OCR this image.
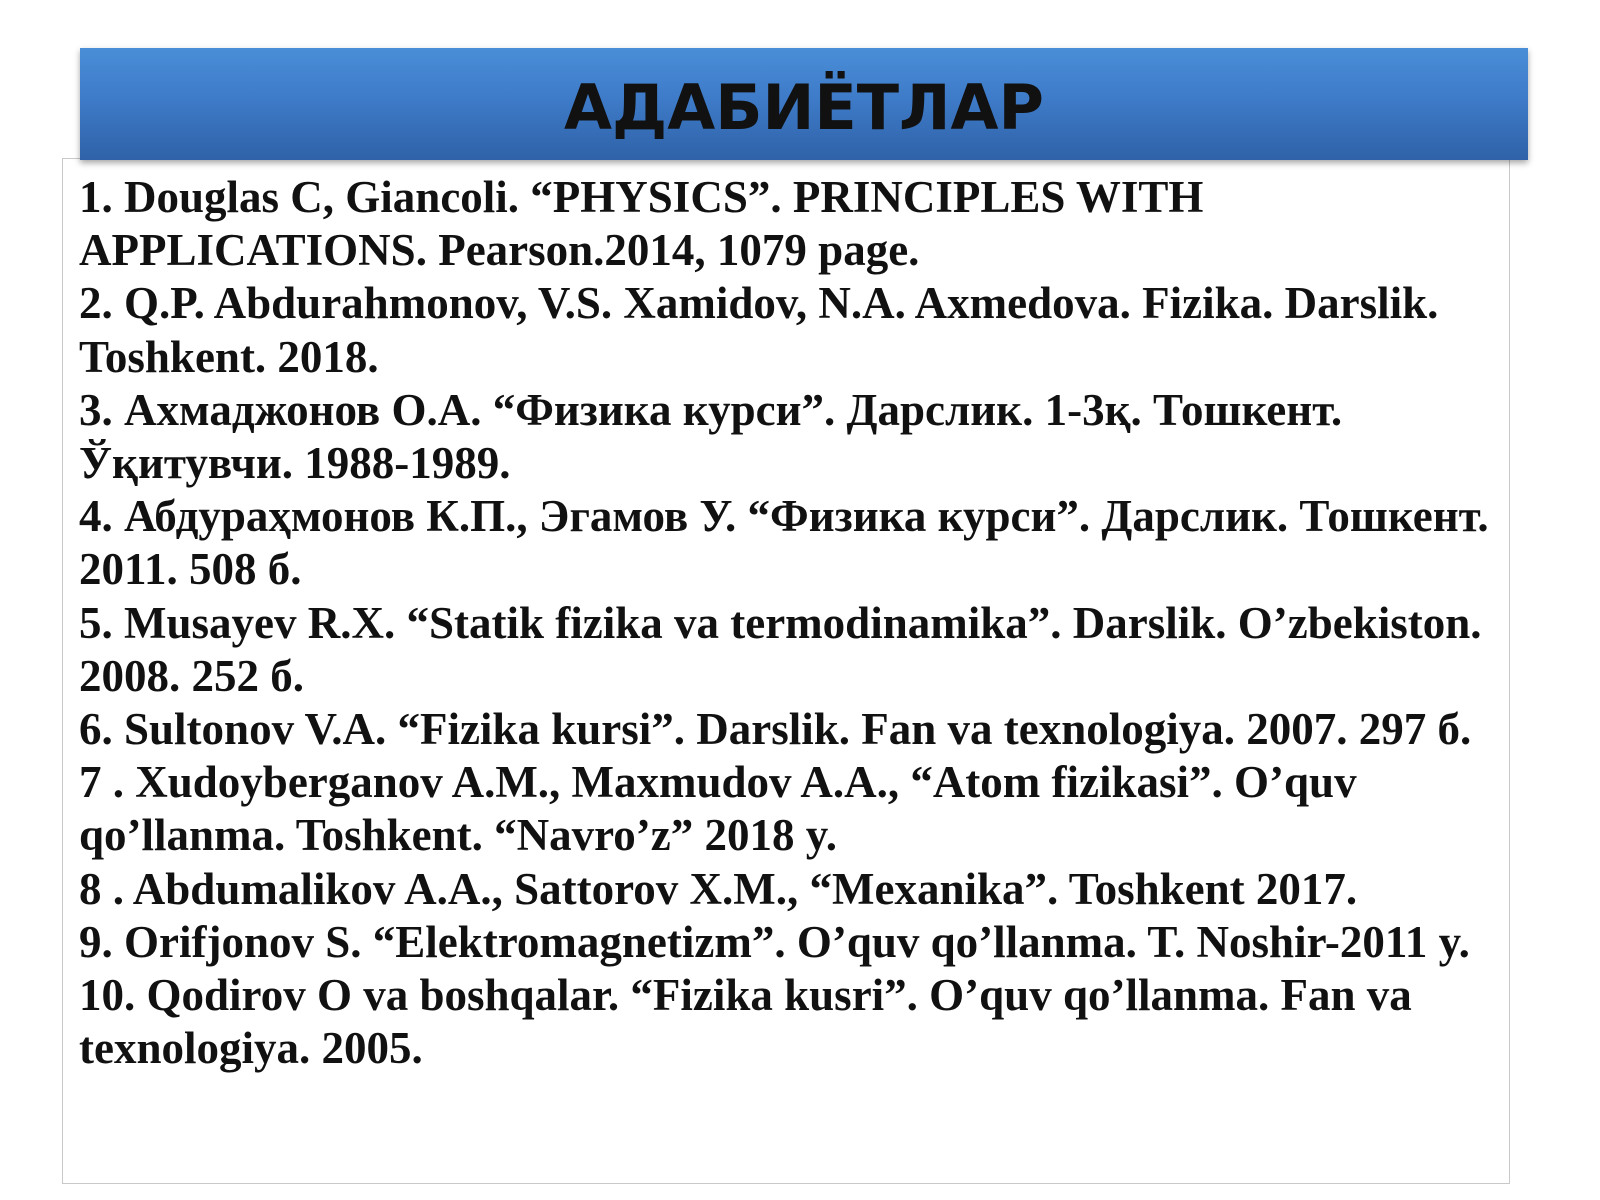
АДАБИЁТЛАР
1. Douglas C, Giancoli. “PHYSICS”. PRINCIPLES WITH APPLICATIONS. Pearson.2014, 1079 page.
2. Q.P. Abdurahmonov, V.S. Xamidov, N.A. Axmedova. Fizika. Darslik. Toshkent. 2018.
3. Ахмаджонов О.А. “Физика курси”. Дарслик. 1-3қ. Тошкент. Ўқитувчи. 1988-1989.
4. Абдураҳмонов К.П., Эгамов У. “Физика курси”. Дарслик. Тошкент. 2011. 508 б.
5. Musayev R.X. “Statik fizika va termodinamika”. Darslik. O’zbekiston. 2008. 252 б.
6. Sultonov V.A. “Fizika kursi”. Darslik. Fan va texnologiya. 2007. 297 б.
7 . Xudoyberganov A.M., Maxmudov A.A., “Atom fizikasi”. O’quv qo’llanma. Toshkent. “Navro’z” 2018 y.
8 . Abdumalikov A.A., Sattorov X.M., “Mexanika”. Toshkent 2017.
9. Orifjonov S. “Elektromagnetizm”. O’quv qo’llanma. T. Noshir-2011 y.
10. Qodirov O va boshqalar. “Fizika kusri”. O’quv qo’llanma. Fan va texnologiya. 2005.
